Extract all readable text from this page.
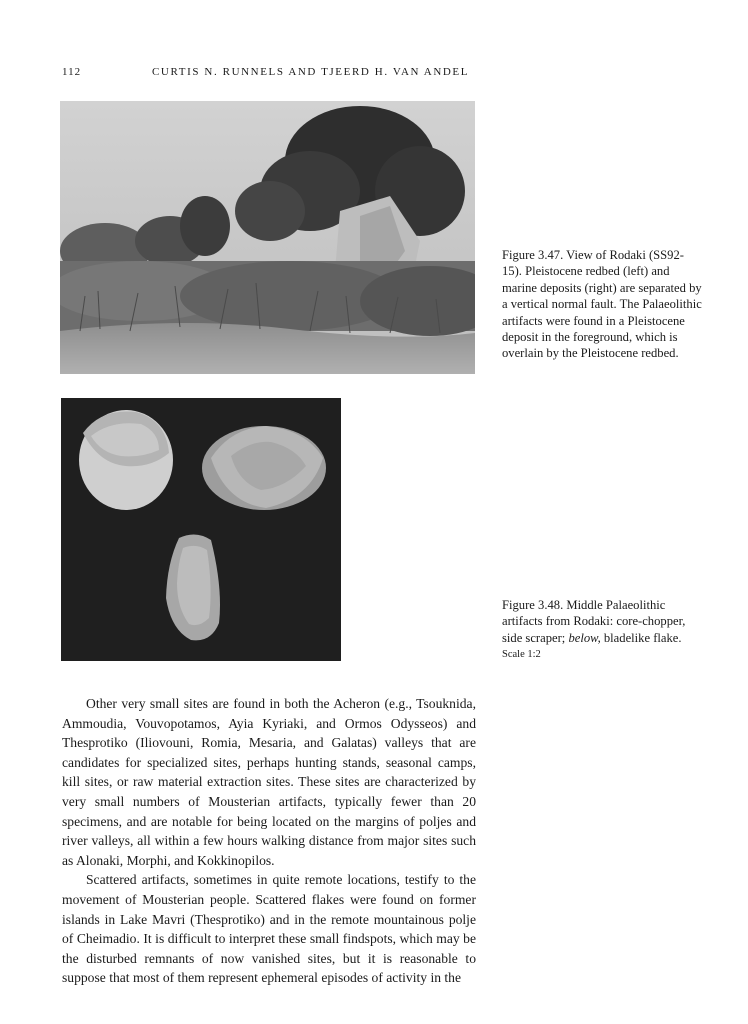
112	CURTIS N. RUNNELS AND TJEERD H. VAN ANDEL
Figure 3.47. View of Rodaki (SS92-15). Pleistocene redbed (left) and marine deposits (right) are separated by a vertical normal fault. The Palaeolithic artifacts were found in a Pleistocene deposit in the foreground, which is overlain by the Pleistocene redbed.
Figure 3.48. Middle Palaeolithic artifacts from Rodaki: core-chopper, side scraper; below, bladelike flake.
Scale 1:2

Other very small sites are found in both the Acheron (e.g., Tsouknida, Ammoudia, Vouvopotamos, Ayia Kyriaki, and Ormos Odysseos) and Thesprotiko (Iliovouni, Romia, Mesaria, and Galatas) valleys that are candidates for specialized sites, perhaps hunting stands, seasonal camps, kill sites, or raw material extraction sites. These sites are characterized by very small numbers of Mousterian artifacts, typically fewer than 20 specimens, and are notable for being located on the margins of poljes and river valleys, all within a few hours walking distance from major sites such as Alonaki, Morphi, and Kokkinopilos.

Scattered artifacts, sometimes in quite remote locations, testify to the movement of Mousterian people. Scattered flakes were found on former islands in Lake Mavri (Thesprotiko) and in the remote mountainous polje of Cheimadio. It is difficult to interpret these small findspots, which may be the disturbed remnants of now vanished sites, but it is reasonable to suppose that most of them represent ephemeral episodes of activity in the
